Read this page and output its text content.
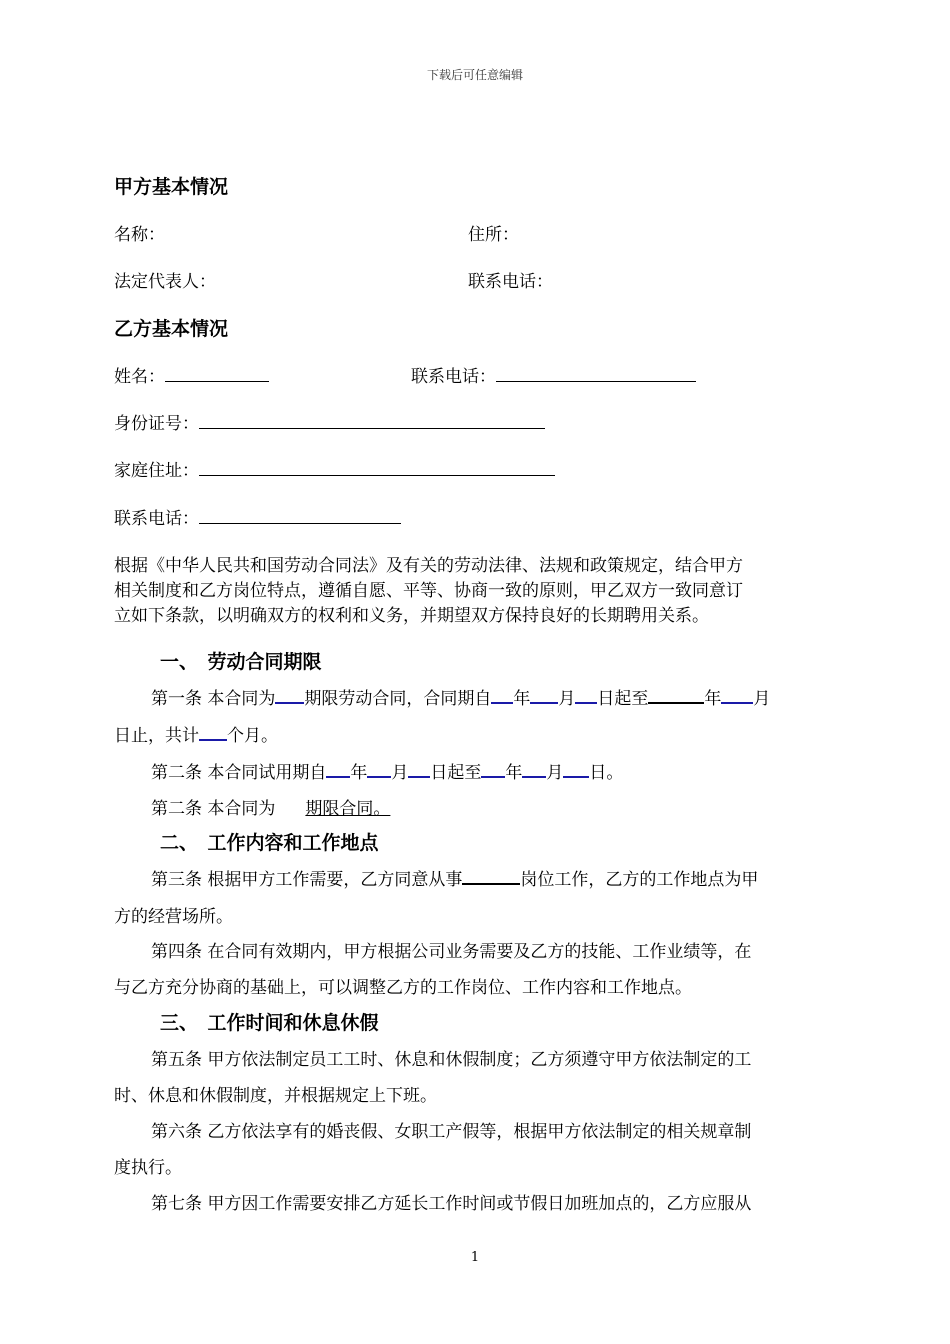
下载后可任意编辑
甲方基本情况
名称：	住所：
法定代表人：	联系电话：
乙方基本情况
姓名：	联系电话：
身份证号：
家庭住址：
联系电话：
根据《中华人民共和国劳动合同法》及有关的劳动法律、法规和政策规定，结合甲方
相关制度和乙方岗位特点，遵循自愿、平等、协商一致的原则，甲乙双方一致同意订
立如下条款，以明确双方的权利和义务，并期望双方保持良好的长期聘用关系。
一、　劳动合同期限
第一条 本合同为 期限劳动合同，合同期自 年 月 日起至	年 月
日止，共计 个月。
第二条 本合同试用期自 年 月 日起至 年 月 日。
第二条 本合同为 期限合同。
二、　工作内容和工作地点
第三条 根据甲方工作需要，乙方同意从事	岗位工作，乙方的工作地点为甲
方的经营场所。
第四条 在合同有效期内，甲方根据公司业务需要及乙方的技能、工作业绩等，在
与乙方充分协商的基础上，可以调整乙方的工作岗位、工作内容和工作地点。
三、　工作时间和休息休假
第五条 甲方依法制定员工工时、休息和休假制度；乙方须遵守甲方依法制定的工
时、休息和休假制度，并根据规定上下班。
第六条 乙方依法享有的婚丧假、女职工产假等，根据甲方依法制定的相关规章制
度执行。
第七条 甲方因工作需要安排乙方延长工作时间或节假日加班加点的，乙方应服从
1
